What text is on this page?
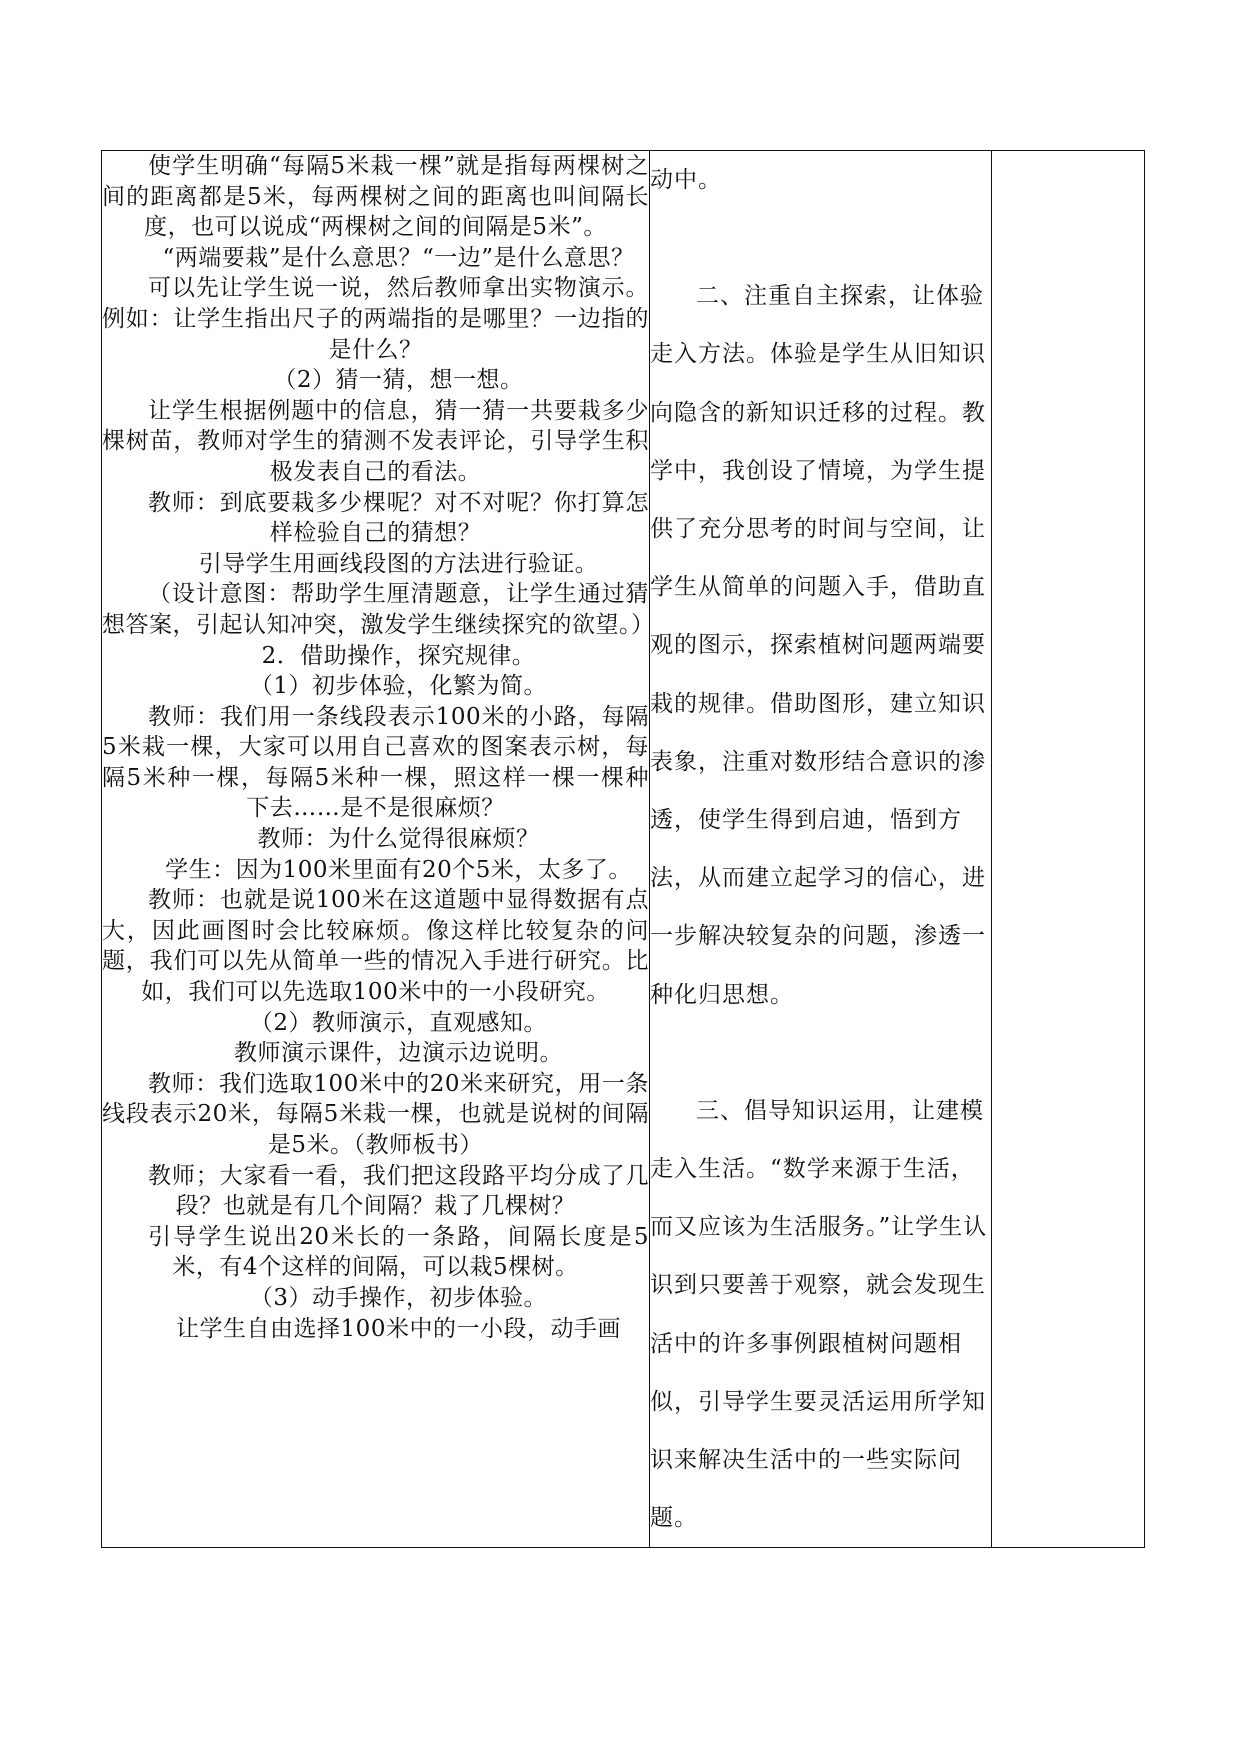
使学生明确“每隔5米栽一棵”就是指每两棵树之间的距离都是5米，每两棵树之间的距离也叫间隔长度，也可以说成“两棵树之间的间隔是5米”。

“两端要栽”是什么意思？“一边”是什么意思？

可以先让学生说一说，然后教师拿出实物演示。例如：让学生指出尺子的两端指的是哪里？一边指的是什么？

（2）猜一猜，想一想。

让学生根据例题中的信息，猜一猜一共要栽多少棵树苗，教师对学生的猜测不发表评论，引导学生积极发表自己的看法。

教师：到底要栽多少棵呢？对不对呢？你打算怎样检验自己的猜想？

引导学生用画线段图的方法进行验证。

（设计意图：帮助学生厘清题意，让学生通过猜想答案，引起认知冲突，激发学生继续探究的欲望。）

2．借助操作，探究规律。

（1）初步体验，化繁为简。

教师：我们用一条线段表示100米的小路，每隔5米栽一棵，大家可以用自己喜欢的图案表示树，每隔5米种一棵，每隔5米种一棵，照这样一棵一棵种下去……是不是很麻烦？

教师：为什么觉得很麻烦？

学生：因为100米里面有20个5米，太多了。

教师：也就是说100米在这道题中显得数据有点大，因此画图时会比较麻烦。像这样比较复杂的问题，我们可以先从简单一些的情况入手进行研究。比如，我们可以先选取100米中的一小段研究。

（2）教师演示，直观感知。

教师演示课件，边演示边说明。

教师：我们选取100米中的20米来研究，用一条线段表示20米，每隔5米栽一棵，也就是说树的间隔是5米。（教师板书）

教师；大家看一看，我们把这段路平均分成了几段？也就是有几个间隔？栽了几棵树？

引导学生说出20米长的一条路，间隔长度是5米，有4个这样的间隔，可以栽5棵树。

（3）动手操作，初步体验。

让学生自由选择100米中的一小段，动手画

动中。

二、注重自主探索，让体验走入方法。体验是学生从旧知识向隐含的新知识迁移的过程。教学中，我创设了情境，为学生提供了充分思考的时间与空间，让学生从简单的问题入手，借助直观的图示，探索植树问题两端要栽的规律。借助图形，建立知识表象，注重对数形结合意识的渗透，使学生得到启迪，悟到方法，从而建立起学习的信心，进一步解决较复杂的问题，渗透一种化归思想。

三、倡导知识运用，让建模走入生活。“数学来源于生活，而又应该为生活服务。”让学生认识到只要善于观察，就会发现生活中的许多事例跟植树问题相似，引导学生要灵活运用所学知识来解决生活中的一些实际问题。
